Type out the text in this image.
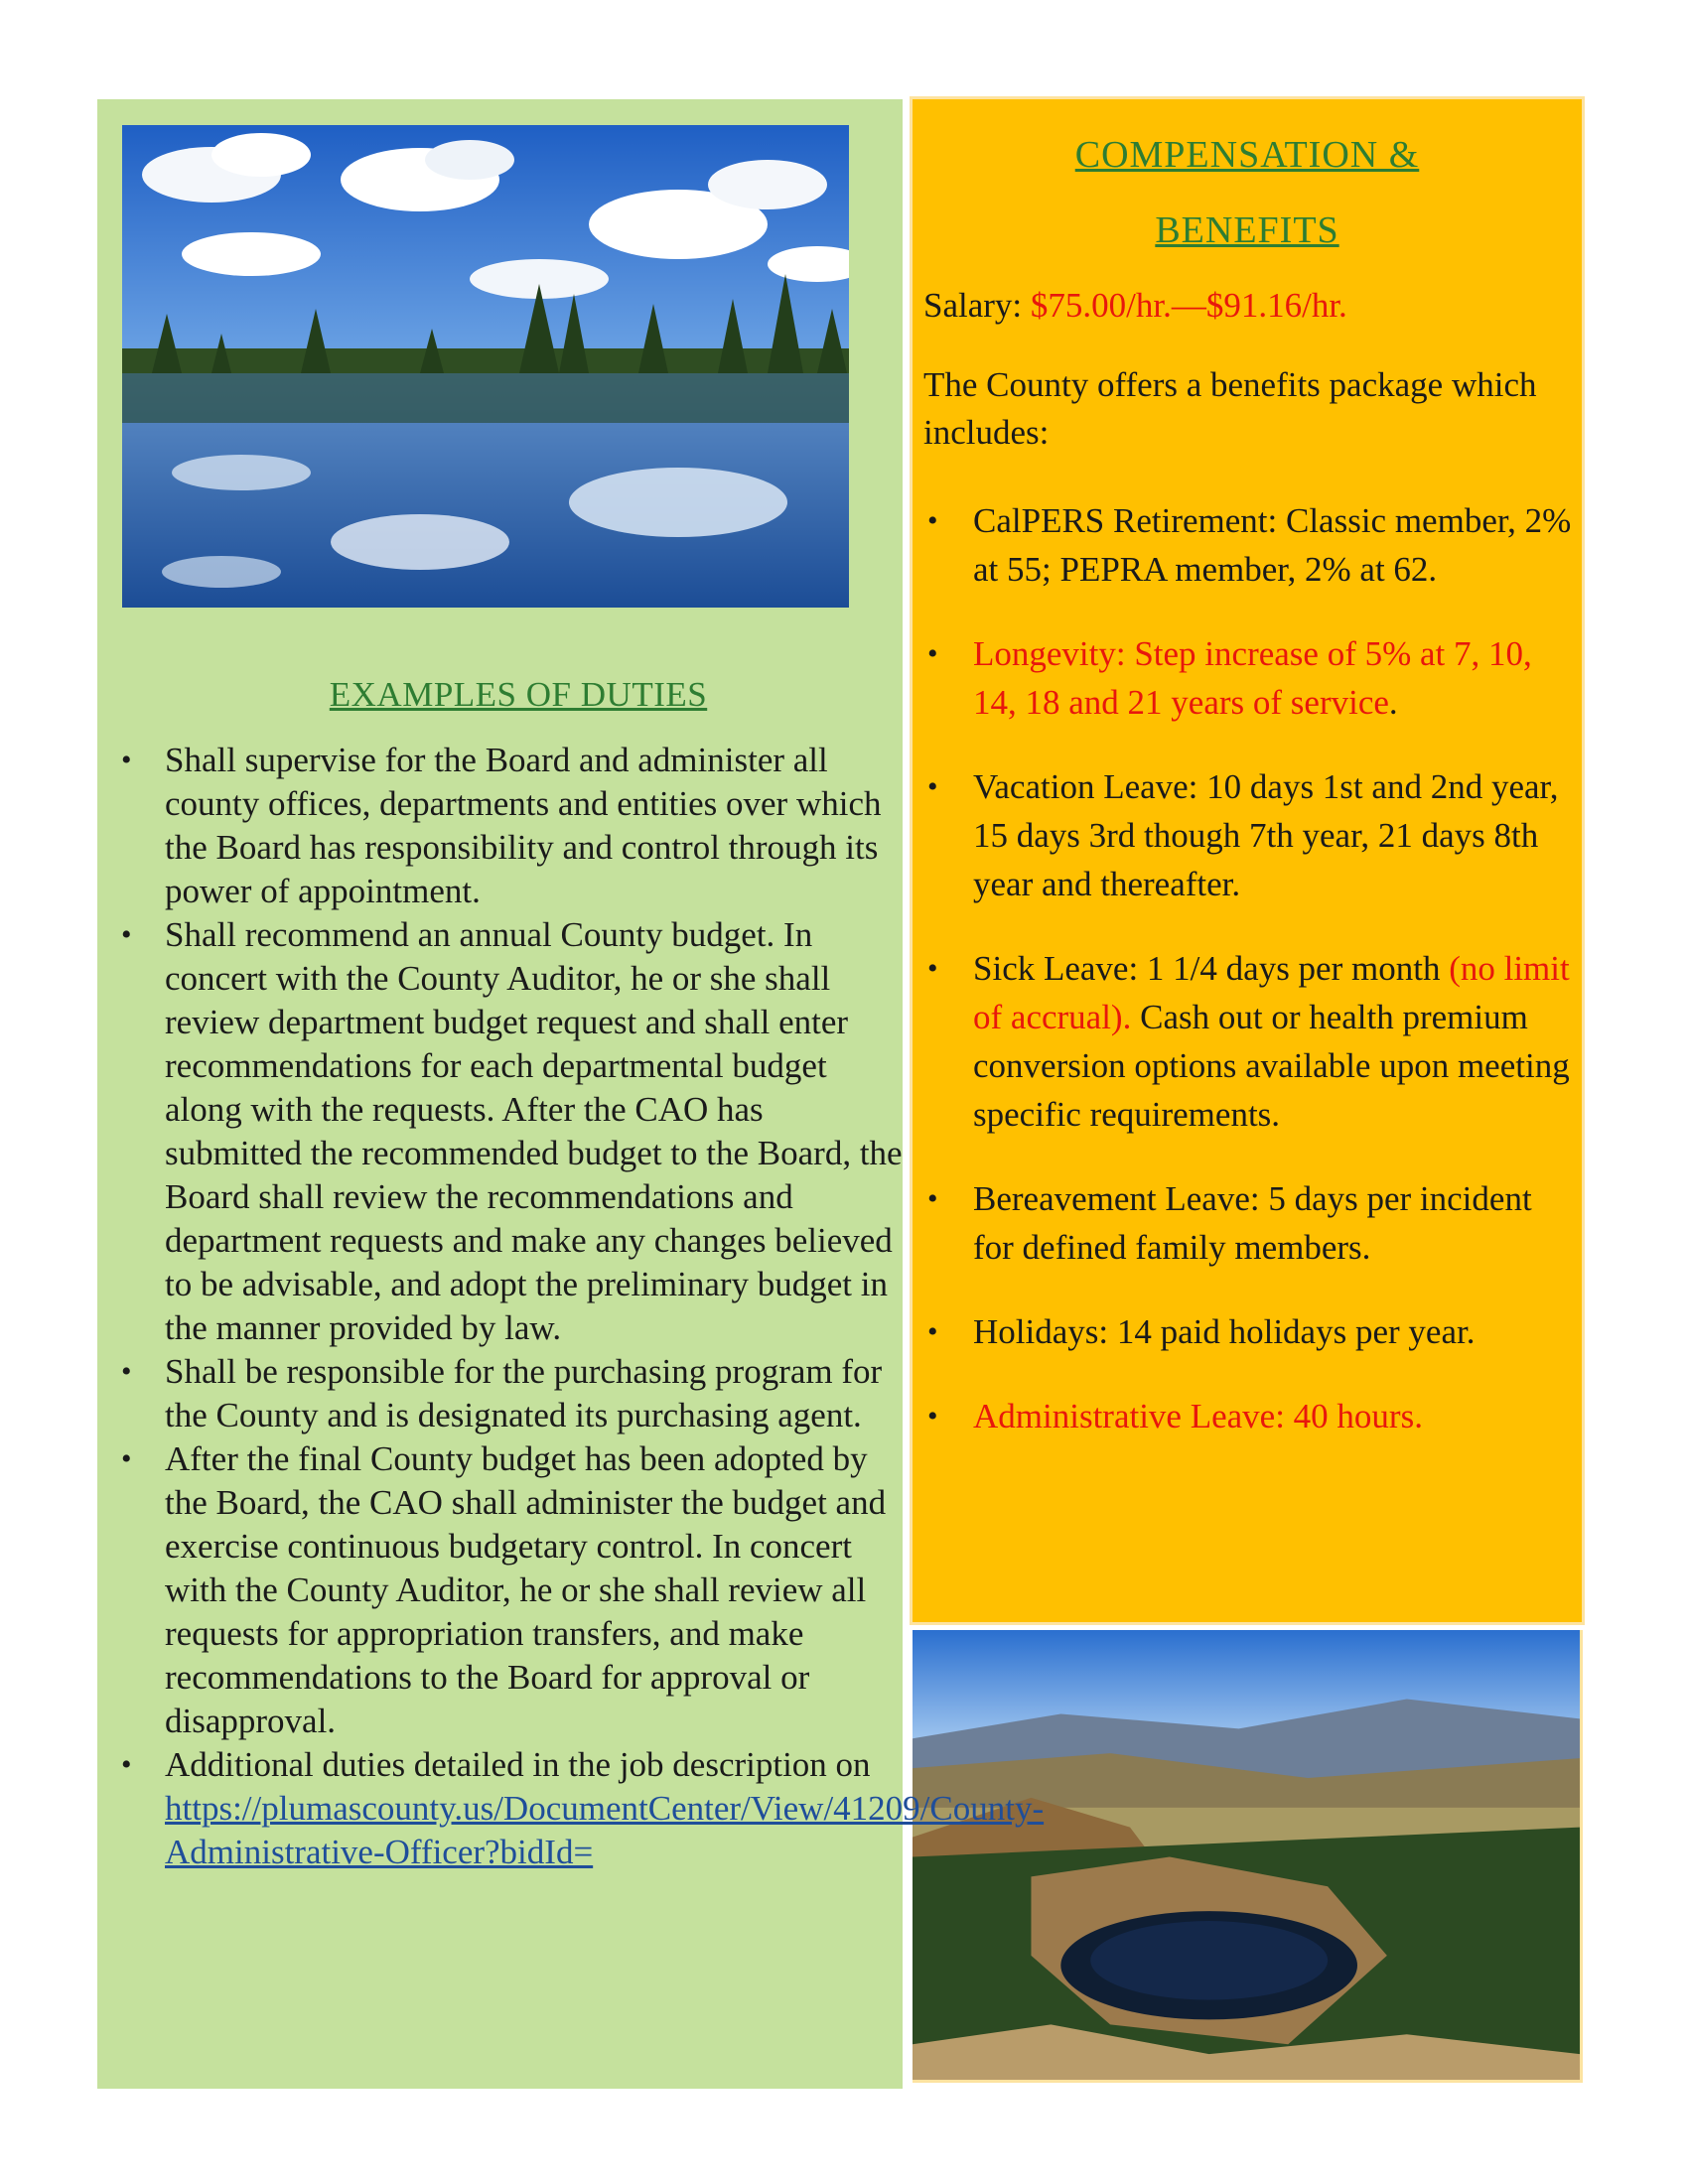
COMPENSATION &
BENEFITS

Salary: $75.00/hr.—$91.16/hr.

The County offers a benefits package which includes:

• CalPERS Retirement: Classic member, 2% at 55; PEPRA member, 2% at 62.
• Longevity: Step increase of 5% at 7, 10, 14, 18 and 21 years of service.
• Vacation Leave: 10 days 1st and 2nd year, 15 days 3rd though 7th year, 21 days 8th year and thereafter.
• Sick Leave: 1 1/4 days per month (no limit of accrual). Cash out or health premium conversion options available upon meeting specific requirements.
• Bereavement Leave: 5 days per incident for defined family members.
• Holidays: 14 paid holidays per year.
• Administrative Leave: 40 hours.
EXAMPLES OF DUTIES
• Shall supervise for the Board and administer all county offices, departments and entities over which the Board has responsibility and control through its power of appointment.
• Shall recommend an annual County budget. In concert with the County Auditor, he or she shall review department budget request and shall enter recommendations for each departmental budget along with the requests. After the CAO has submitted the recommended budget to the Board, the Board shall review the recommendations and department requests and make any changes believed to be advisable, and adopt the preliminary budget in the manner provided by law.
• Shall be responsible for the purchasing program for the County and is designated its purchasing agent.
• After the final County budget has been adopted by the Board, the CAO shall administer the budget and exercise continuous budgetary control. In concert with the County Auditor, he or she shall review all requests for appropriation transfers, and make recommendations to the Board for approval or disapproval.
• Additional duties detailed in the job description on https://plumascounty.us/DocumentCenter/View/41209/County-Administrative-Officer?bidId=
